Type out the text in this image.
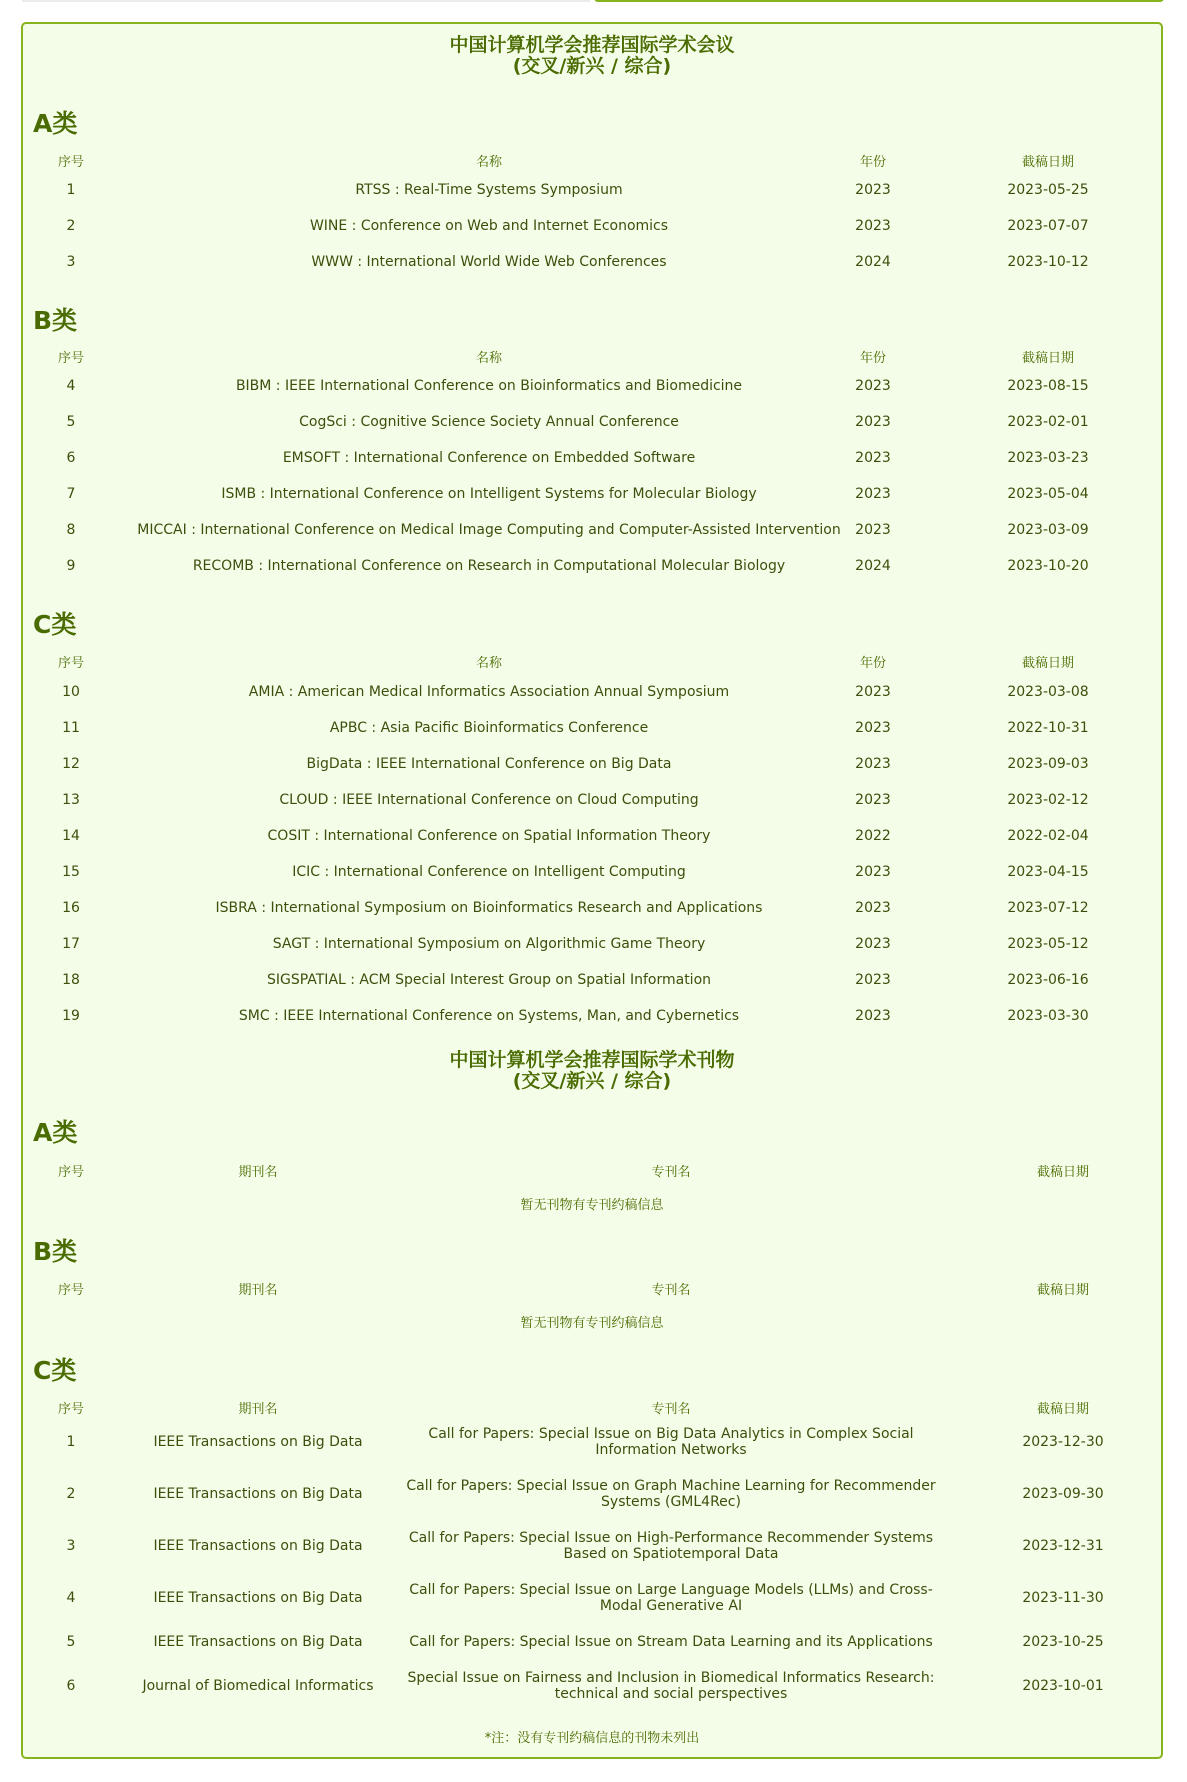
中国计算机学会推荐国际学术会议
(交叉/新兴 / 综合)
A类
序号	名称	年份	截稿日期
1	RTSS : Real-Time Systems Symposium	2023	2023-05-25
2	WINE : Conference on Web and Internet Economics	2023	2023-07-07
3	WWW : International World Wide Web Conferences	2024	2023-10-12
B类
序号	名称	年份	截稿日期
4	BIBM : IEEE International Conference on Bioinformatics and Biomedicine	2023	2023-08-15
5	CogSci : Cognitive Science Society Annual Conference	2023	2023-02-01
6	EMSOFT : International Conference on Embedded Software	2023	2023-03-23
7	ISMB : International Conference on Intelligent Systems for Molecular Biology	2023	2023-05-04
8	MICCAI : International Conference on Medical Image Computing and Computer-Assisted Intervention	2023	2023-03-09
9	RECOMB : International Conference on Research in Computational Molecular Biology	2024	2023-10-20
C类
序号	名称	年份	截稿日期
10	AMIA : American Medical Informatics Association Annual Symposium	2023	2023-03-08
11	APBC : Asia Pacific Bioinformatics Conference	2023	2022-10-31
12	BigData : IEEE International Conference on Big Data	2023	2023-09-03
13	CLOUD : IEEE International Conference on Cloud Computing	2023	2023-02-12
14	COSIT : International Conference on Spatial Information Theory	2022	2022-02-04
15	ICIC : International Conference on Intelligent Computing	2023	2023-04-15
16	ISBRA : International Symposium on Bioinformatics Research and Applications	2023	2023-07-12
17	SAGT : International Symposium on Algorithmic Game Theory	2023	2023-05-12
18	SIGSPATIAL : ACM Special Interest Group on Spatial Information	2023	2023-06-16
19	SMC : IEEE International Conference on Systems, Man, and Cybernetics	2023	2023-03-30
中国计算机学会推荐国际学术刊物
(交叉/新兴 / 综合)
A类
序号	期刊名	专刊名	截稿日期
暂无刊物有专刊约稿信息
B类
序号	期刊名	专刊名	截稿日期
暂无刊物有专刊约稿信息
C类
序号	期刊名	专刊名	截稿日期
1	IEEE Transactions on Big Data	Call for Papers: Special Issue on Big Data Analytics in Complex Social Information Networks	2023-12-30
2	IEEE Transactions on Big Data	Call for Papers: Special Issue on Graph Machine Learning for Recommender Systems (GML4Rec)	2023-09-30
3	IEEE Transactions on Big Data	Call for Papers: Special Issue on High-Performance Recommender Systems Based on Spatiotemporal Data	2023-12-31
4	IEEE Transactions on Big Data	Call for Papers: Special Issue on Large Language Models (LLMs) and Cross-Modal Generative AI	2023-11-30
5	IEEE Transactions on Big Data	Call for Papers: Special Issue on Stream Data Learning and its Applications	2023-10-25
6	Journal of Biomedical Informatics	Special Issue on Fairness and Inclusion in Biomedical Informatics Research: technical and social perspectives	2023-10-01
*注：没有专刊约稿信息的刊物未列出
